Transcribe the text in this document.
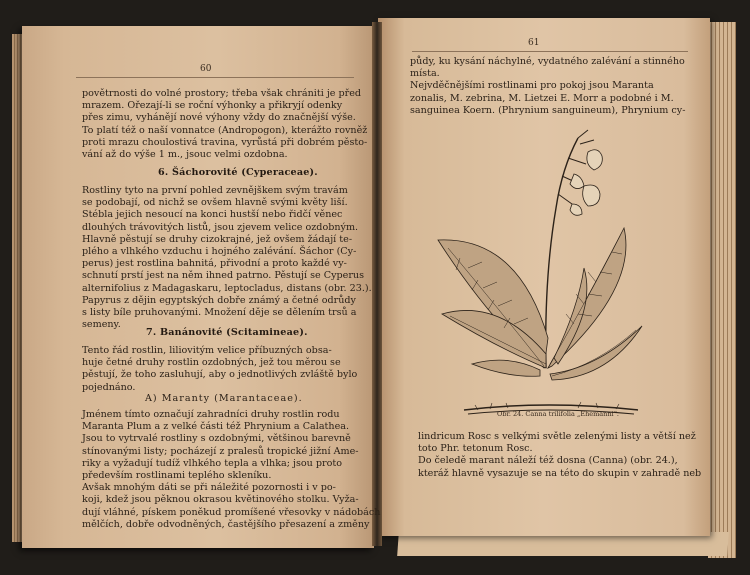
60
povětrnosti do volné prostory; třeba však chrániti je před
mrazem. Ořezají-li se roční výhonky a přikryjí odenky
přes zimu, vyhánějí nové výhony vždy do značnější výše.
To platí též o naší vonnatce (Andropogon), kterážto rovněž
proti mrazu choulostivá travina, vyrůstá při dobrém pěsto-
vání až do výše 1 m., jsouc velmi ozdobna.
6. Šáchorovité (Cyperaceae).
Rostliny tyto na první pohled zevnějškem svým travám
se podobají, od nichž se ovšem hlavně svými květy liší.
Stébla jejich nesoucí na konci hustší nebo řidčí věnec
dlouhých trávovitých listů, jsou zjevem velice ozdobným.
Hlavně pěstují se druhy cizokrajné, jež ovšem žádají te-
plého a vlhkého vzduchu i hojného zalévání. Šáchor (Cy-
perus) jest rostlina bahnitá, přivodní a proto každé vy-
schnutí prstí jest na něm ihned patrno. Pěstují se Cyperus
alternifolius z Madagaskaru, leptocladus, distans (obr. 23.).
Papyrus z dějin egyptských dobře známý a četné odrůdy
s listy bíle pruhovanými. Množení děje se dělením trsů a
semeny.
7. Banánovité (Scitamineae).
Tento řád rostlin, liliovitým velice příbuzných obsa-
huje četné druhy rostlin ozdobných, jež tou měrou se
pěstují, že toho zasluhují, aby o jednotlivých zvláště bylo
pojednáno.
A) Maranty (Marantaceae).
Jménem tímto označují zahradníci druhy rostlin rodu
Maranta Plum a z velké části též Phrynium a Calathea.
Jsou to vytrvalé rostliny s ozdobnými, většinou barevně
stínovanými listy; pocházejí z pralesů tropické jižní Ame-
riky a vyžadují tudíž vlhkého tepla a vlhka; jsou proto
především rostlinami teplého skleníku.
Avšak mnohým dáti se při náležité pozornosti i v po-
koji, kdež jsou pěknou okrasou květinového stolku. Vyža-
dují vláhné, pískem poněkud promíšené vřesovky v nádobách
mělčích, dobře odvodněných, častějšího přesazení a změny
61
půdy, ku kysání náchylné, vydatného zalévání a stinného
místa.
Nejvděčnějšími rostlinami pro pokoj jsou Maranta
zonalis, M. zebrina, M. Lietzei E. Morr a podobné i M.
sanguinea Koern. (Phrynium sanguineum), Phrynium cy-
Obr. 24. Canna trilifolia „Ehemanni“.
lindricum Rosc s velkými světle zelenými listy a větší než
toto Phr. tetonum Rosc.
Do čeledě marant náleží též dosna (Canna) (obr. 24.),
kteráž hlavně vysazuje se na této do skupin v zahradě neb
